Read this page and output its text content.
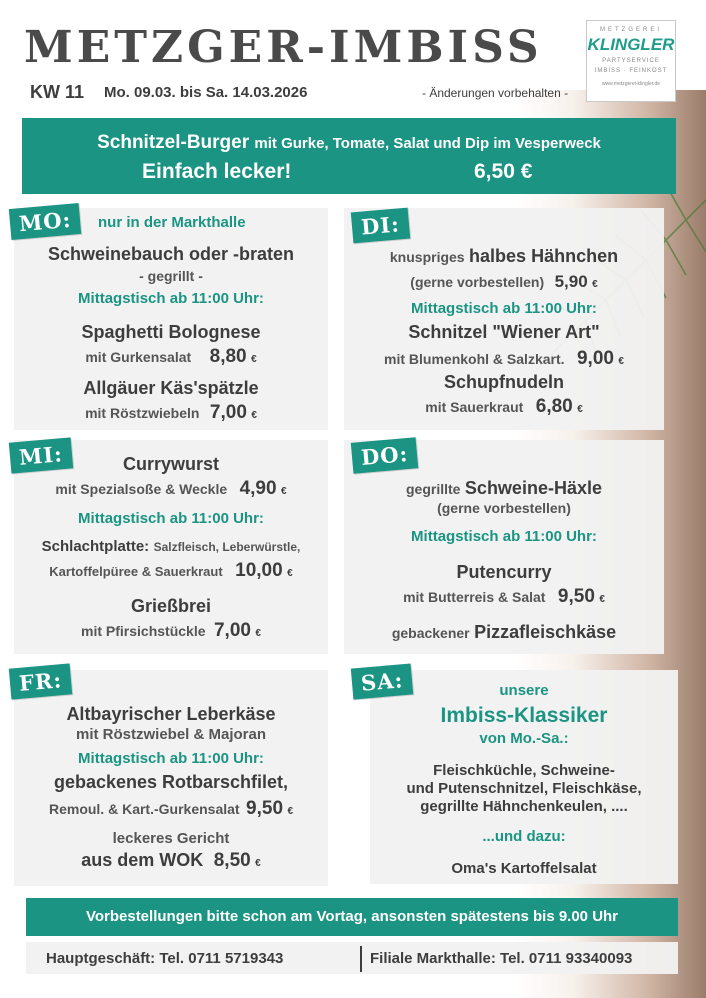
METZGER-IMBISS
KW 11 Mo. 09.03. bis Sa. 14.03.2026	- Änderungen vorbehalten -
METZGEREI
KLINGLER
PARTYSERVICE
IMBISS · FEINKOST
www.metzgerei-klingler.de
Schnitzel-Burger mit Gurke, Tomate, Salat und Dip im Vesperweck
Einfach lecker!	6,50 €
nur in der Markthalle
Schweinebauch oder -braten
- gegrillt -
Mittagstisch ab 11:00 Uhr:
Spaghetti Bolognese
mit Gurkensalat 8,80 €
Allgäuer Käs'spätzle
mit Röstzwiebeln 7,00 €
MO:
knuspriges halbes Hähnchen
(gerne vorbestellen) 5,90 €
Mittagstisch ab 11:00 Uhr:
Schnitzel "Wiener Art"
mit Blumenkohl & Salzkart. 9,00 €
Schupfnudeln
mit Sauerkraut 6,80 €
DI:
Currywurst
mit Spezialsoße & Weckle 4,90 €
Mittagstisch ab 11:00 Uhr:
Schlachtplatte: Salzfleisch, Leberwürstle,
Kartoffelpüree & Sauerkraut 10,00 €
Grießbrei
mit Pfirsichstückle 7,00 €
MI:
gegrillte Schweine-Häxle
(gerne vorbestellen)
Mittagstisch ab 11:00 Uhr:
Putencurry
mit Butterreis & Salat 9,50 €
gebackener Pizzafleischkäse
DO:
Altbayrischer Leberkäse
mit Röstzwiebel & Majoran
Mittagstisch ab 11:00 Uhr:
gebackenes Rotbarschfilet,
Remoul. & Kart.-Gurkensalat 9,50 €
leckeres Gericht
aus dem WOK 8,50 €
FR:	unsere
Imbiss-Klassiker
von Mo.-Sa.:
Fleischküchle, Schweine-
und Putenschnitzel, Fleischkäse,
gegrillte Hähnchenkeulen, ....
...und dazu:
Oma's Kartoffelsalat
SA:
Vorbestellungen bitte schon am Vortag, ansonsten spätestens bis 9.00 Uhr
Hauptgeschäft: Tel. 0711 5719343	Filiale Markthalle: Tel. 0711 93340093
